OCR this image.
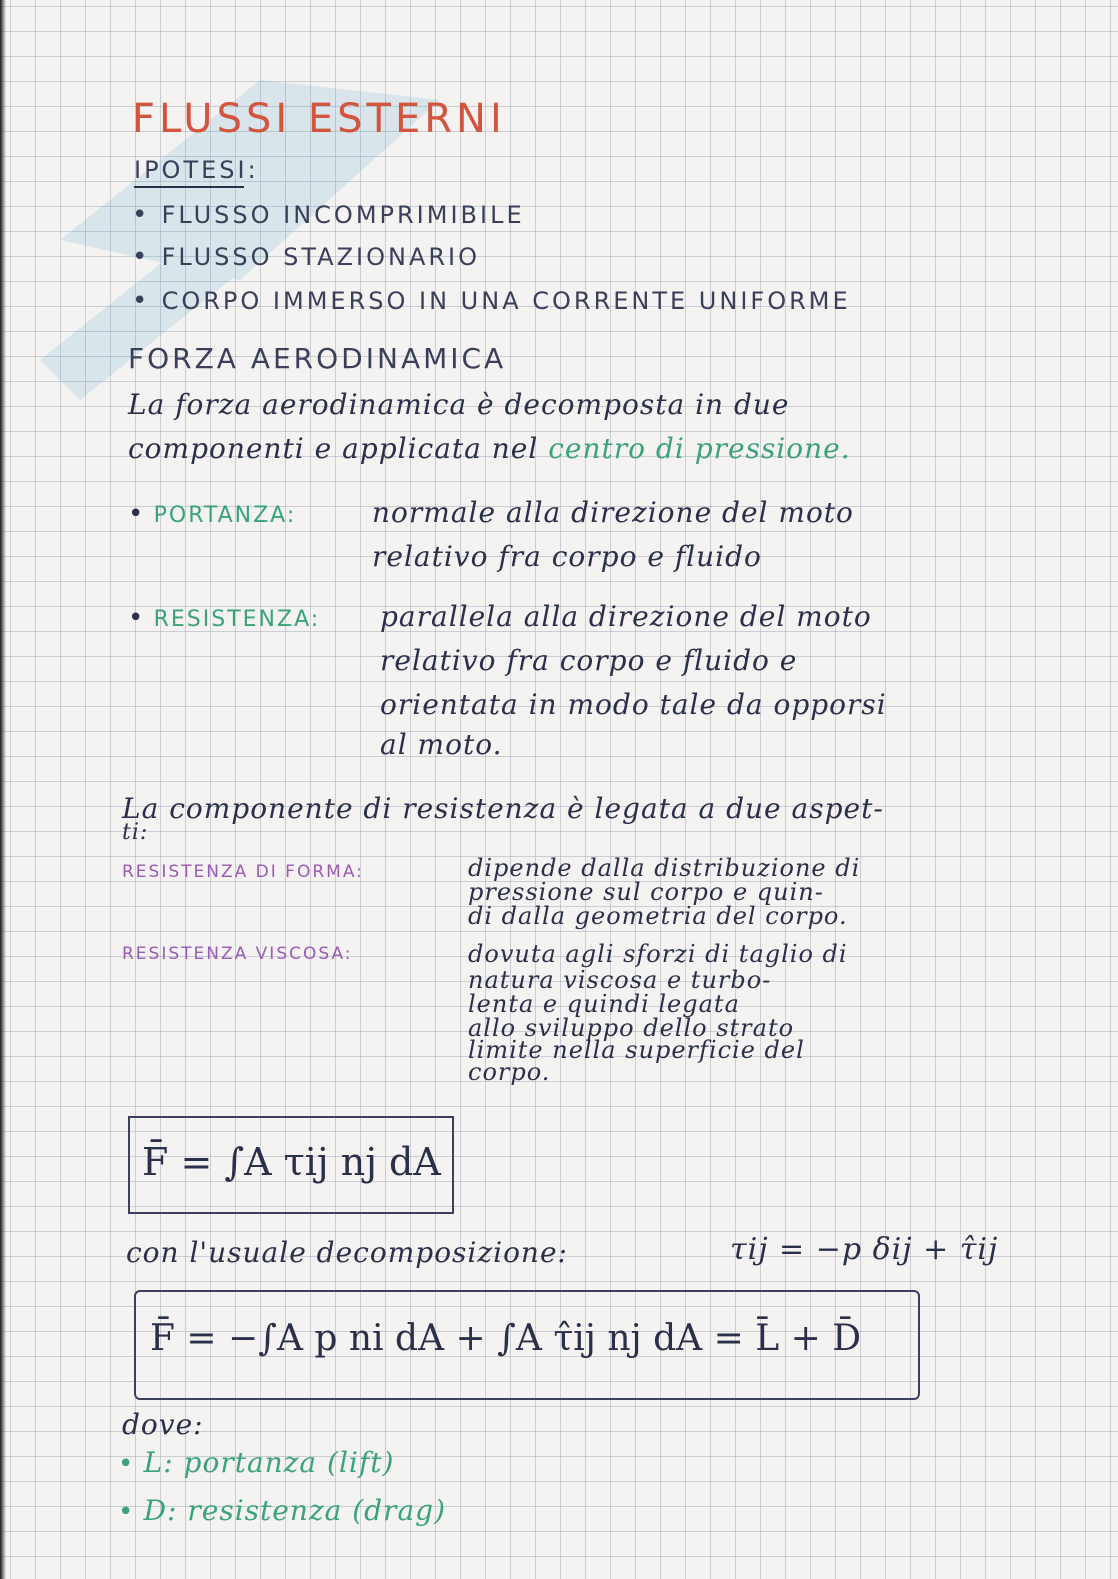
FLUSSI ESTERNI
IPOTESI:
• FLUSSO INCOMPRIMIBILE
• FLUSSO STAZIONARIO
• CORPO IMMERSO IN UNA CORRENTE UNIFORME
FORZA AERODINAMICA
La forza aerodinamica è decomposta in due
componenti e applicata nel centro di pressione.
• PORTANZA:	normale alla direzione del moto
relativo fra corpo e fluido
• RESISTENZA: parallela alla direzione del moto
relativo fra corpo e fluido e
orientata in modo tale da opporsi
al moto.
La componente di resistenza è legata a due aspet-
ti:
RESISTENZA DI FORMA:	dipende dalla distribuzione di
pressione sul corpo e quin-
di dalla geometria del corpo.
RESISTENZA VISCOSA:	dovuta agli sforzi di taglio di
natura viscosa e turbo-
lenta e quindi legata
allo sviluppo dello strato
limite nella superficie del
corpo.
F̄ = ∫A τij nj dA
con l'usuale decomposizione:	τij = −p δij + τ̂ij
F̄ = −∫A p ni dA + ∫A τ̂ij nj dA = L̄ + D̄
dove:
• L: portanza (lift)
• D: resistenza (drag)
